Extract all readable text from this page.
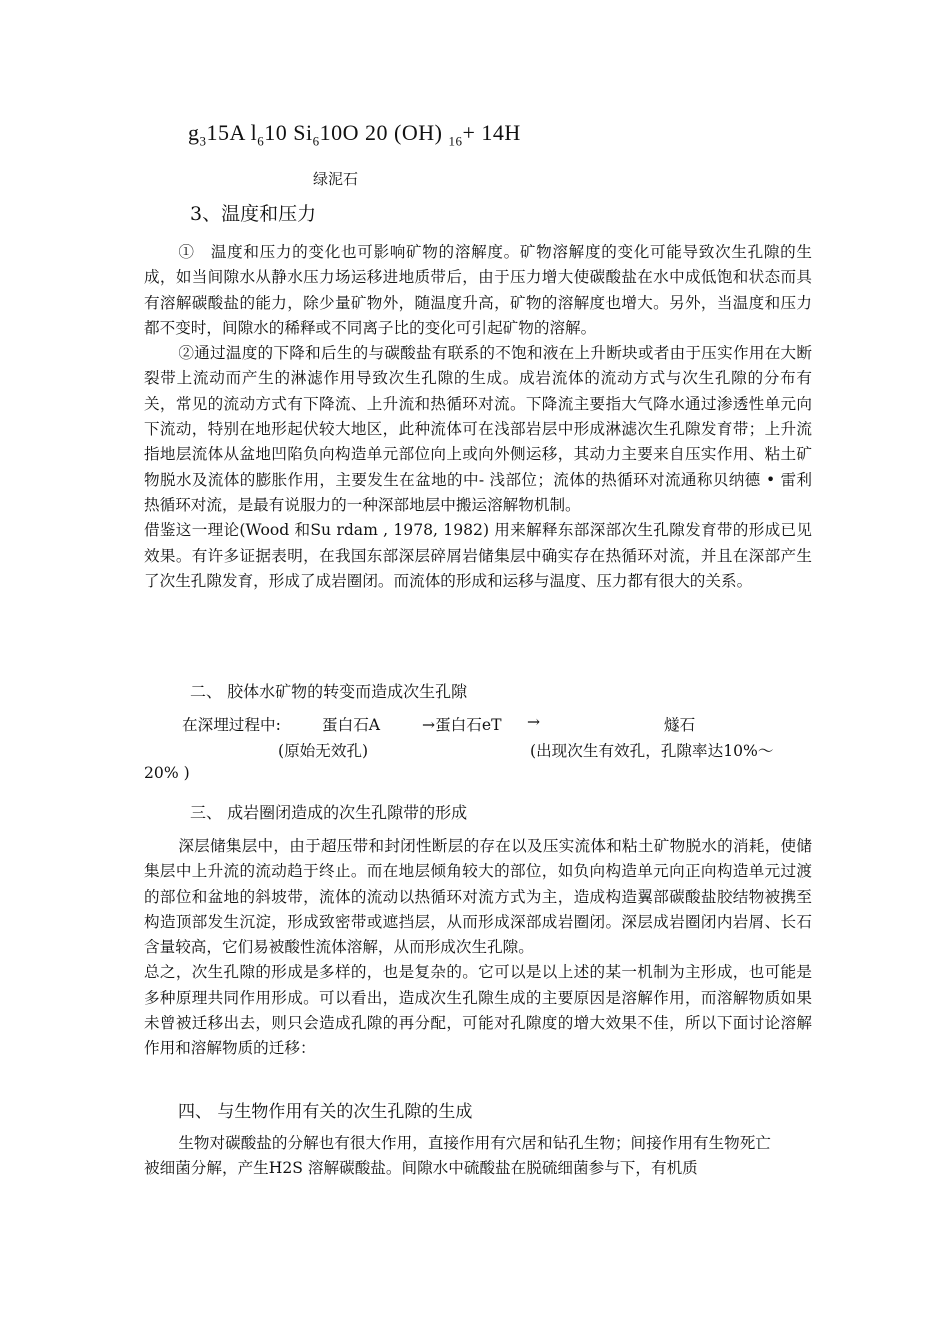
$g_315A$ $l_610$ $Si_610O$ 20 (OH) $_{16}$+ 14H
绿泥石
3、温度和压力

①　温度和压力的变化也可影响矿物的溶解度。矿物溶解度的变化可能导致次生孔隙的生成，如当间隙水从静水压力场运移进地质带后，由于压力增大使碳酸盐在水中成低饱和状态而具有溶解碳酸盐的能力，除少量矿物外，随温度升高，矿物的溶解度也增大。另外，当温度和压力都不变时，间隙水的稀释或不同离子比的变化可引起矿物的溶解。

②通过温度的下降和后生的与碳酸盐有联系的不饱和液在上升断块或者由于压实作用在大断裂带上流动而产生的淋滤作用导致次生孔隙的生成。成岩流体的流动方式与次生孔隙的分布有关，常见的流动方式有下降流、上升流和热循环对流。下降流主要指大气降水通过渗透性单元向下流动，特别在地形起伏较大地区，此种流体可在浅部岩层中形成淋滤次生孔隙发育带；上升流指地层流体从盆地凹陷负向构造单元部位向上或向外侧运移，其动力主要来自压实作用、粘土矿物脱水及流体的膨胀作用，主要发生在盆地的中- 浅部位；流体的热循环对流通称贝纳德 • 雷利热循环对流，是最有说服力的一种深部地层中搬运溶解物机制。

借鉴这一理论(Wood 和Su rdam , 1978, 1982) 用来解释东部深部次生孔隙发育带的形成已见效果。有许多证据表明，在我国东部深层碎屑岩储集层中确实存在热循环对流，并且在深部产生了次生孔隙发育，形成了成岩圈闭。而流体的形成和运移与温度、压力都有很大的关系。

二、 胶体水矿物的转变而造成次生孔隙
在深埋过程中:	蛋白石A	→蛋白石eT →	燧石
(原始无效孔)	(出现次生有效孔，孔隙率达10%～
20% )
三、 成岩圈闭造成的次生孔隙带的形成

深层储集层中，由于超压带和封闭性断层的存在以及压实流体和粘土矿物脱水的消耗，使储集层中上升流的流动趋于终止。而在地层倾角较大的部位，如负向构造单元向正向构造单元过渡的部位和盆地的斜坡带，流体的流动以热循环对流方式为主，造成构造翼部碳酸盐胶结物被携至构造顶部发生沉淀，形成致密带或遮挡层，从而形成深部成岩圈闭。深层成岩圈闭内岩屑、长石含量较高，它们易被酸性流体溶解，从而形成次生孔隙。

总之，次生孔隙的形成是多样的，也是复杂的。它可以是以上述的某一机制为主形成，也可能是多种原理共同作用形成。可以看出，造成次生孔隙生成的主要原因是溶解作用，而溶解物质如果未曾被迁移出去，则只会造成孔隙的再分配，可能对孔隙度的增大效果不佳，所以下面讨论溶解作用和溶解物质的迁移：

四、 与生物作用有关的次生孔隙的生成

生物对碳酸盐的分解也有很大作用，直接作用有穴居和钻孔生物；间接作用有生物死亡

被细菌分解，产生H2S 溶解碳酸盐。间隙水中硫酸盐在脱硫细菌参与下，有机质
